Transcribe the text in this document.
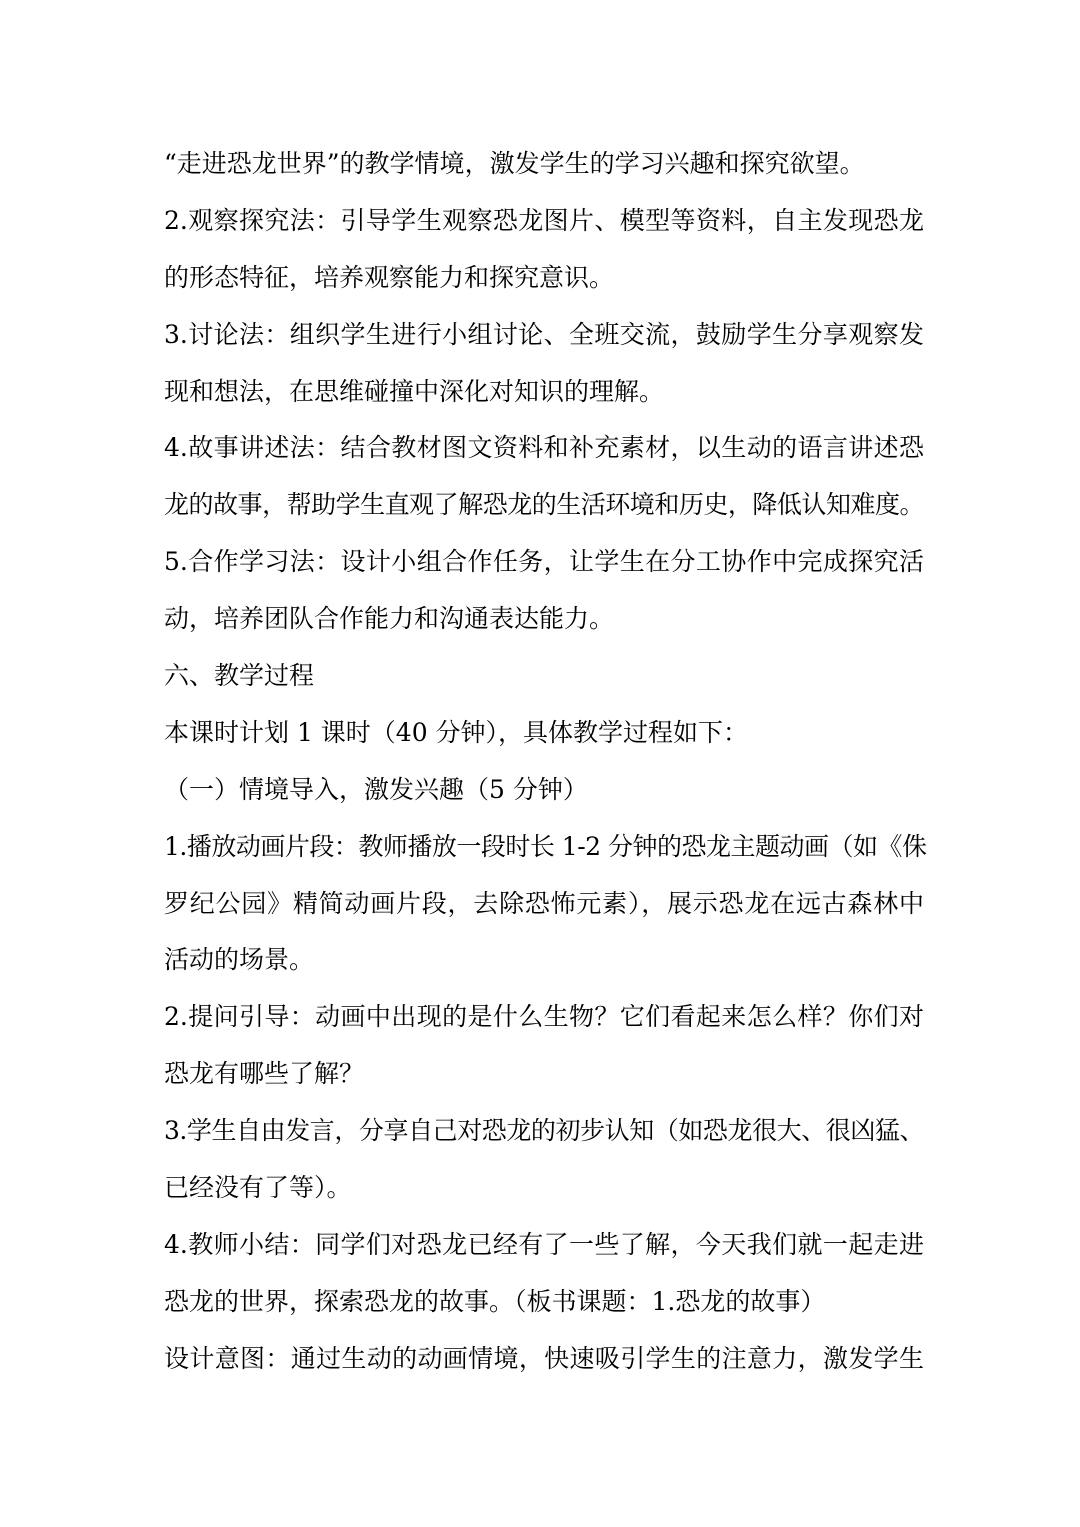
“走进恐龙世界”的教学情境，激发学生的学习兴趣和探究欲望。
2.观察探究法：引导学生观察恐龙图片、模型等资料，自主发现恐龙
的形态特征，培养观察能力和探究意识。
3.讨论法：组织学生进行小组讨论、全班交流，鼓励学生分享观察发
现和想法，在思维碰撞中深化对知识的理解。
4.故事讲述法：结合教材图文资料和补充素材，以生动的语言讲述恐
龙的故事，帮助学生直观了解恐龙的生活环境和历史，降低认知难度。
5.合作学习法：设计小组合作任务，让学生在分工协作中完成探究活
动，培养团队合作能力和沟通表达能力。
六、教学过程
本课时计划 1 课时（40 分钟），具体教学过程如下：
（一）情境导入，激发兴趣（5 分钟）
1.播放动画片段：教师播放一段时长 1-2 分钟的恐龙主题动画（如《侏
罗纪公园》精简动画片段，去除恐怖元素），展示恐龙在远古森林中
活动的场景。
2.提问引导：动画中出现的是什么生物？它们看起来怎么样？你们对
恐龙有哪些了解？
3.学生自由发言，分享自己对恐龙的初步认知（如恐龙很大、很凶猛、
已经没有了等）。
4.教师小结：同学们对恐龙已经有了一些了解，今天我们就一起走进
恐龙的世界，探索恐龙的故事。（板书课题：1.恐龙的故事）
设计意图：通过生动的动画情境，快速吸引学生的注意力，激发学生
